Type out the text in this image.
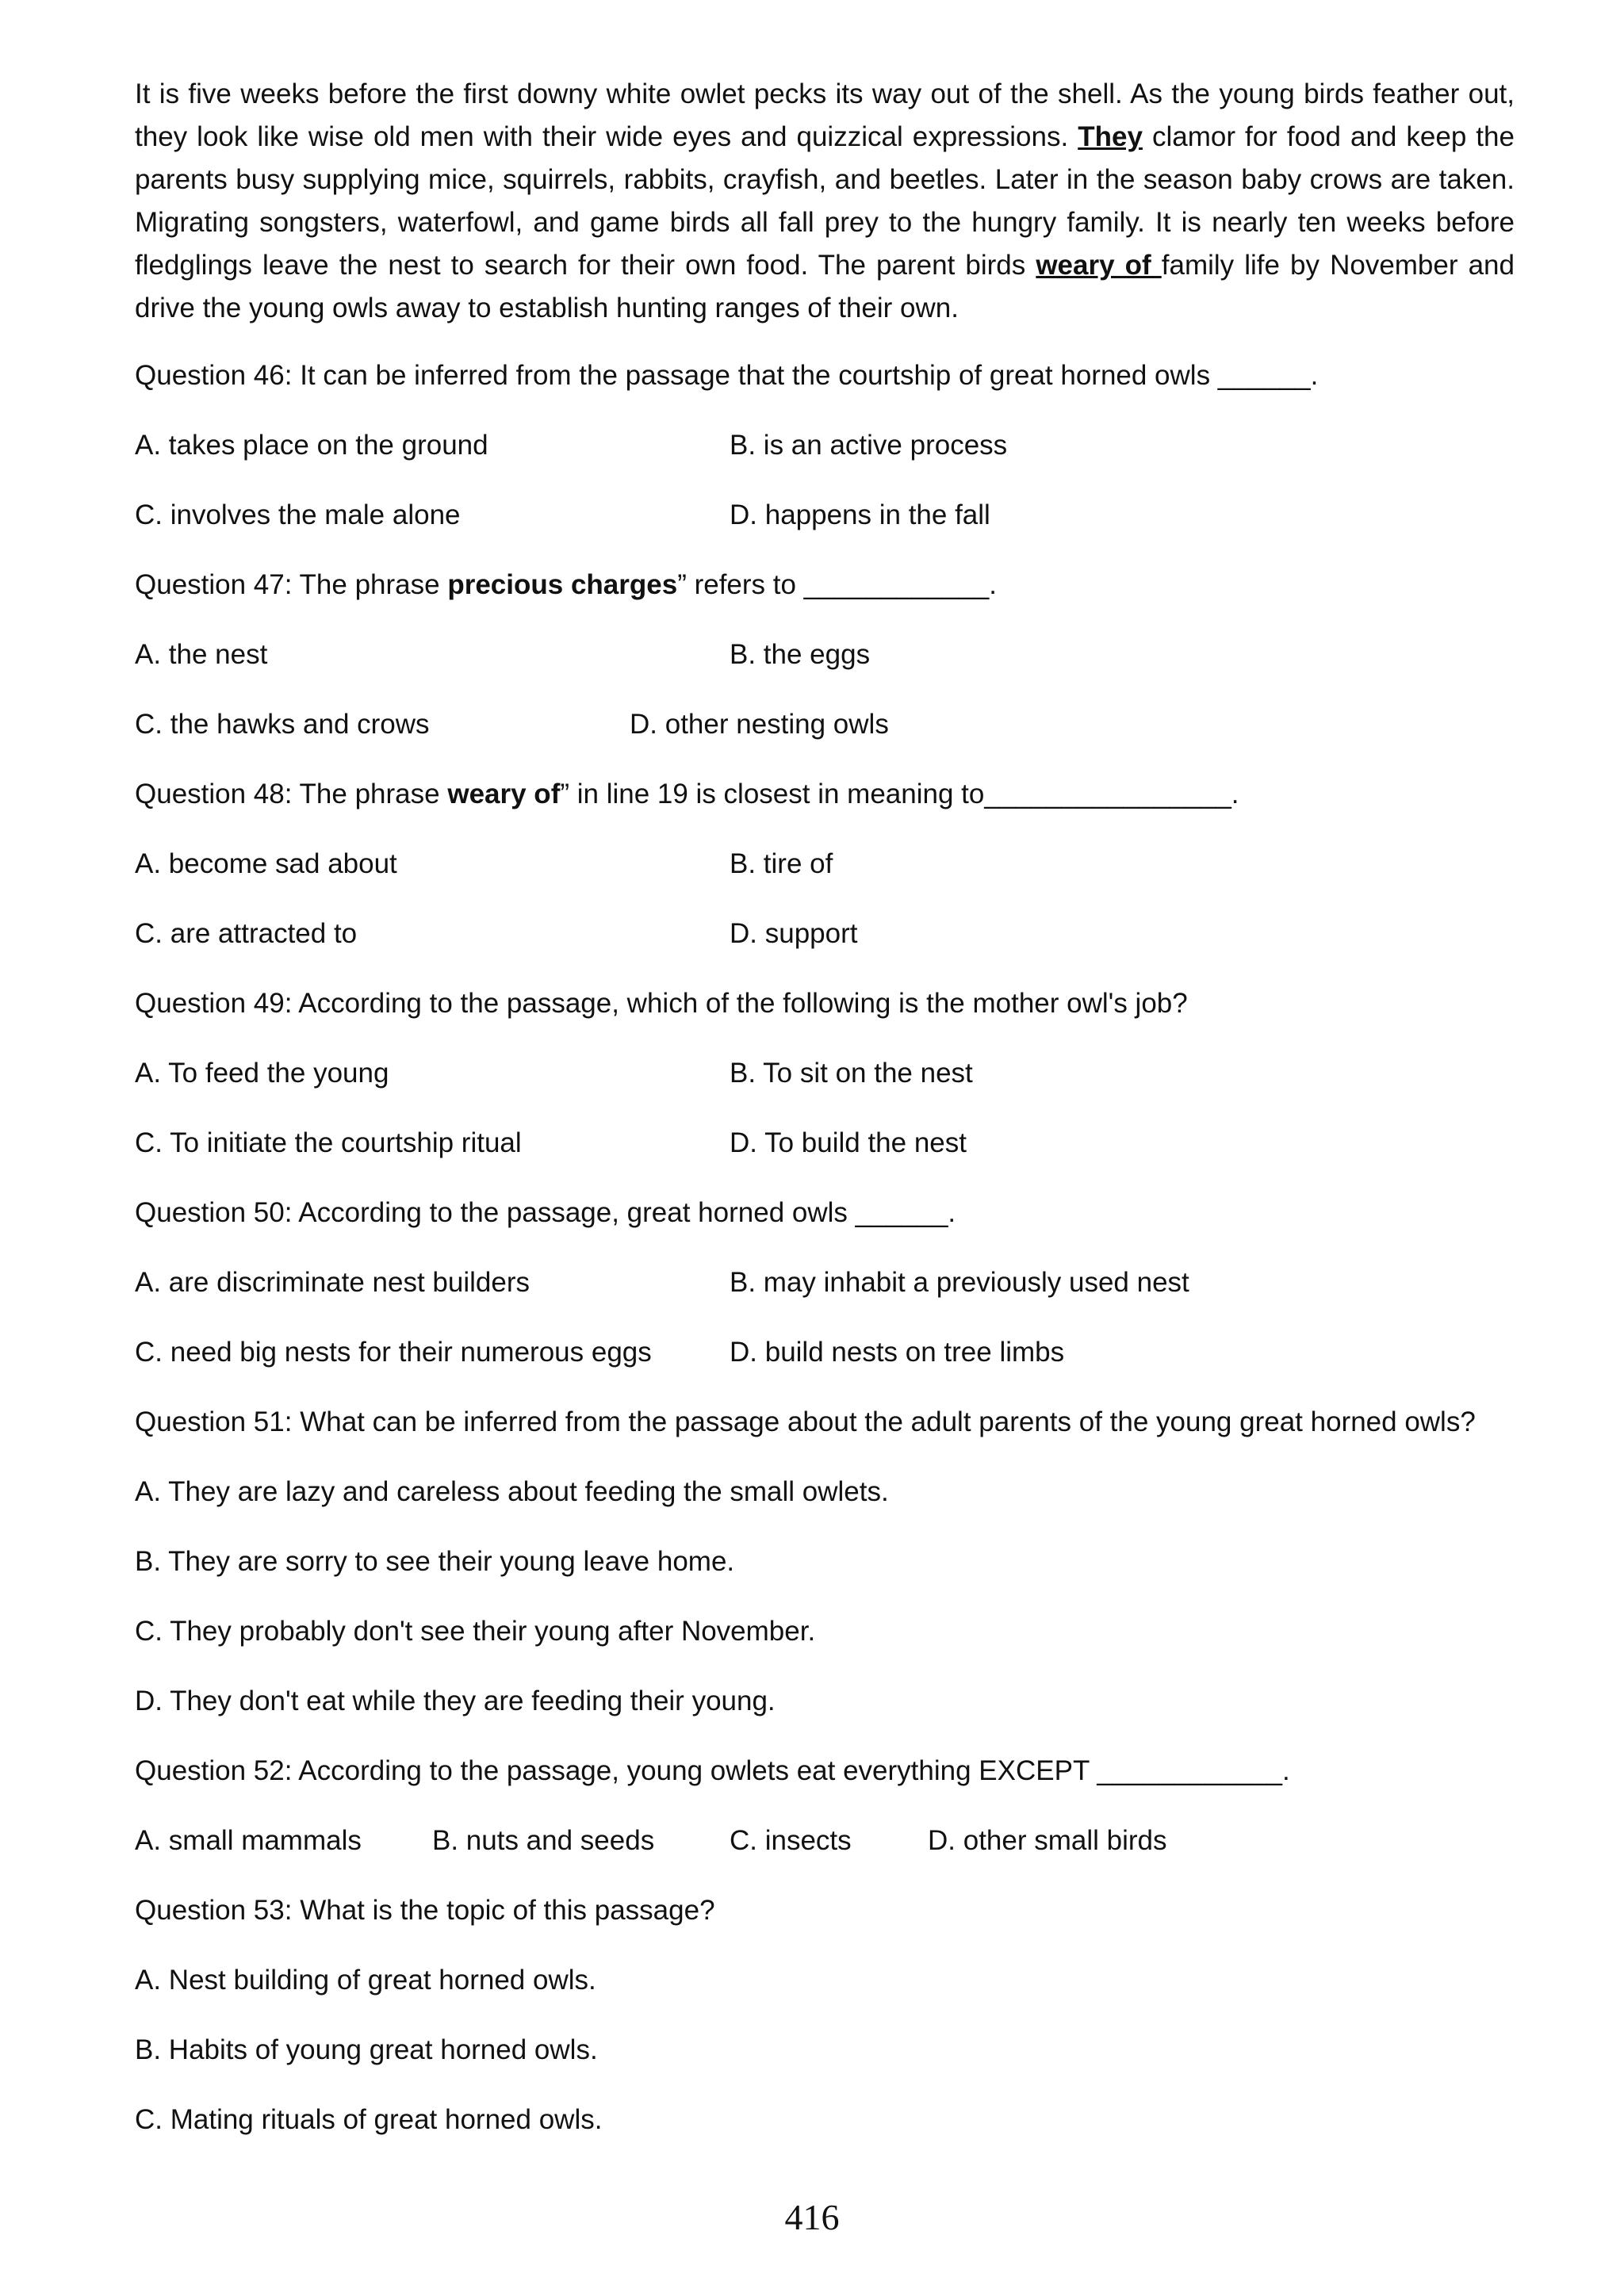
It is five weeks before the first downy white owlet pecks its way out of the shell. As the young birds feather out, they look like wise old men with their wide eyes and quizzical expressions. They clamor for food and keep the parents busy supplying mice, squirrels, rabbits, crayfish, and beetles. Later in the season baby crows are taken. Migrating songsters, waterfowl, and game birds all fall prey to the hungry family. It is nearly ten weeks before fledglings leave the nest to search for their own food. The parent birds weary of family life by November and drive the young owls away to establish hunting ranges of their own.

Question 46: It can be inferred from the passage that the courtship of great horned owls ______.
A. takes place on the ground	B. is an active process
C. involves the male alone	D. happens in the fall
Question 47: The phrase precious charges” refers to ____________.
A. the nest	B. the eggs
C. the hawks and crows	D. other nesting owls
Question 48: The phrase weary of” in line 19 is closest in meaning to________________.
A. become sad about	B. tire of
C. are attracted to	D. support
Question 49: According to the passage, which of the following is the mother owl's job?
A. To feed the young	B. To sit on the nest
C. To initiate the courtship ritual	D. To build the nest
Question 50: According to the passage, great horned owls ______.
A. are discriminate nest builders	B. may inhabit a previously used nest
C. need big nests for their numerous eggs	D. build nests on tree limbs
Question 51: What can be inferred from the passage about the adult parents of the young great horned owls?
A. They are lazy and careless about feeding the small owlets.
B. They are sorry to see their young leave home.
C. They probably don't see their young after November.
D. They don't eat while they are feeding their young.
Question 52: According to the passage, young owlets eat everything EXCEPT ____________.
A. small mammals	B. nuts and seeds	C. insects	D. other small birds
Question 53: What is the topic of this passage?
A. Nest building of great horned owls.
B. Habits of young great horned owls.
C. Mating rituals of great horned owls.
416
